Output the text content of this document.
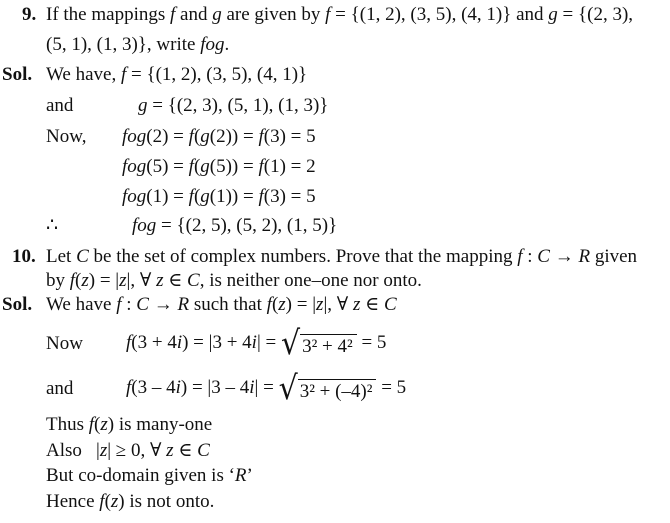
9. If the mappings f and g are given by f = {(1, 2), (3, 5), (4, 1)} and g = {(2, 3),
(5, 1), (1, 3)}, write fog.
Sol. We have, f = {(1, 2), (3, 5), (4, 1)}
and	g = {(2, 3), (5, 1), (1, 3)}
Now, fog(2) = f(g(2)) = f(3) = 5
fog(5) = f(g(5)) = f(1) = 2
fog(1) = f(g(1)) = f(3) = 5
∴	fog = {(2, 5), (5, 2), (1, 5)}
10. Let C be the set of complex numbers. Prove that the mapping f : C → R given
by f(z) = |z|, ∀ z ∈ C, is neither one–one nor onto.
Sol. We have f : C → R such that f(z) = |z|, ∀ z ∈ C
Now f(3 + 4i) = |3 + 4i| = √ 3² + 4² = 5
and	f(3 – 4i) = |3 – 4i| = √ 3² + (–4)² = 5
Thus f(z) is many-one
Also |z| ≥ 0, ∀ z ∈ C
But co-domain given is ‘R’
Hence f(z) is not onto.
